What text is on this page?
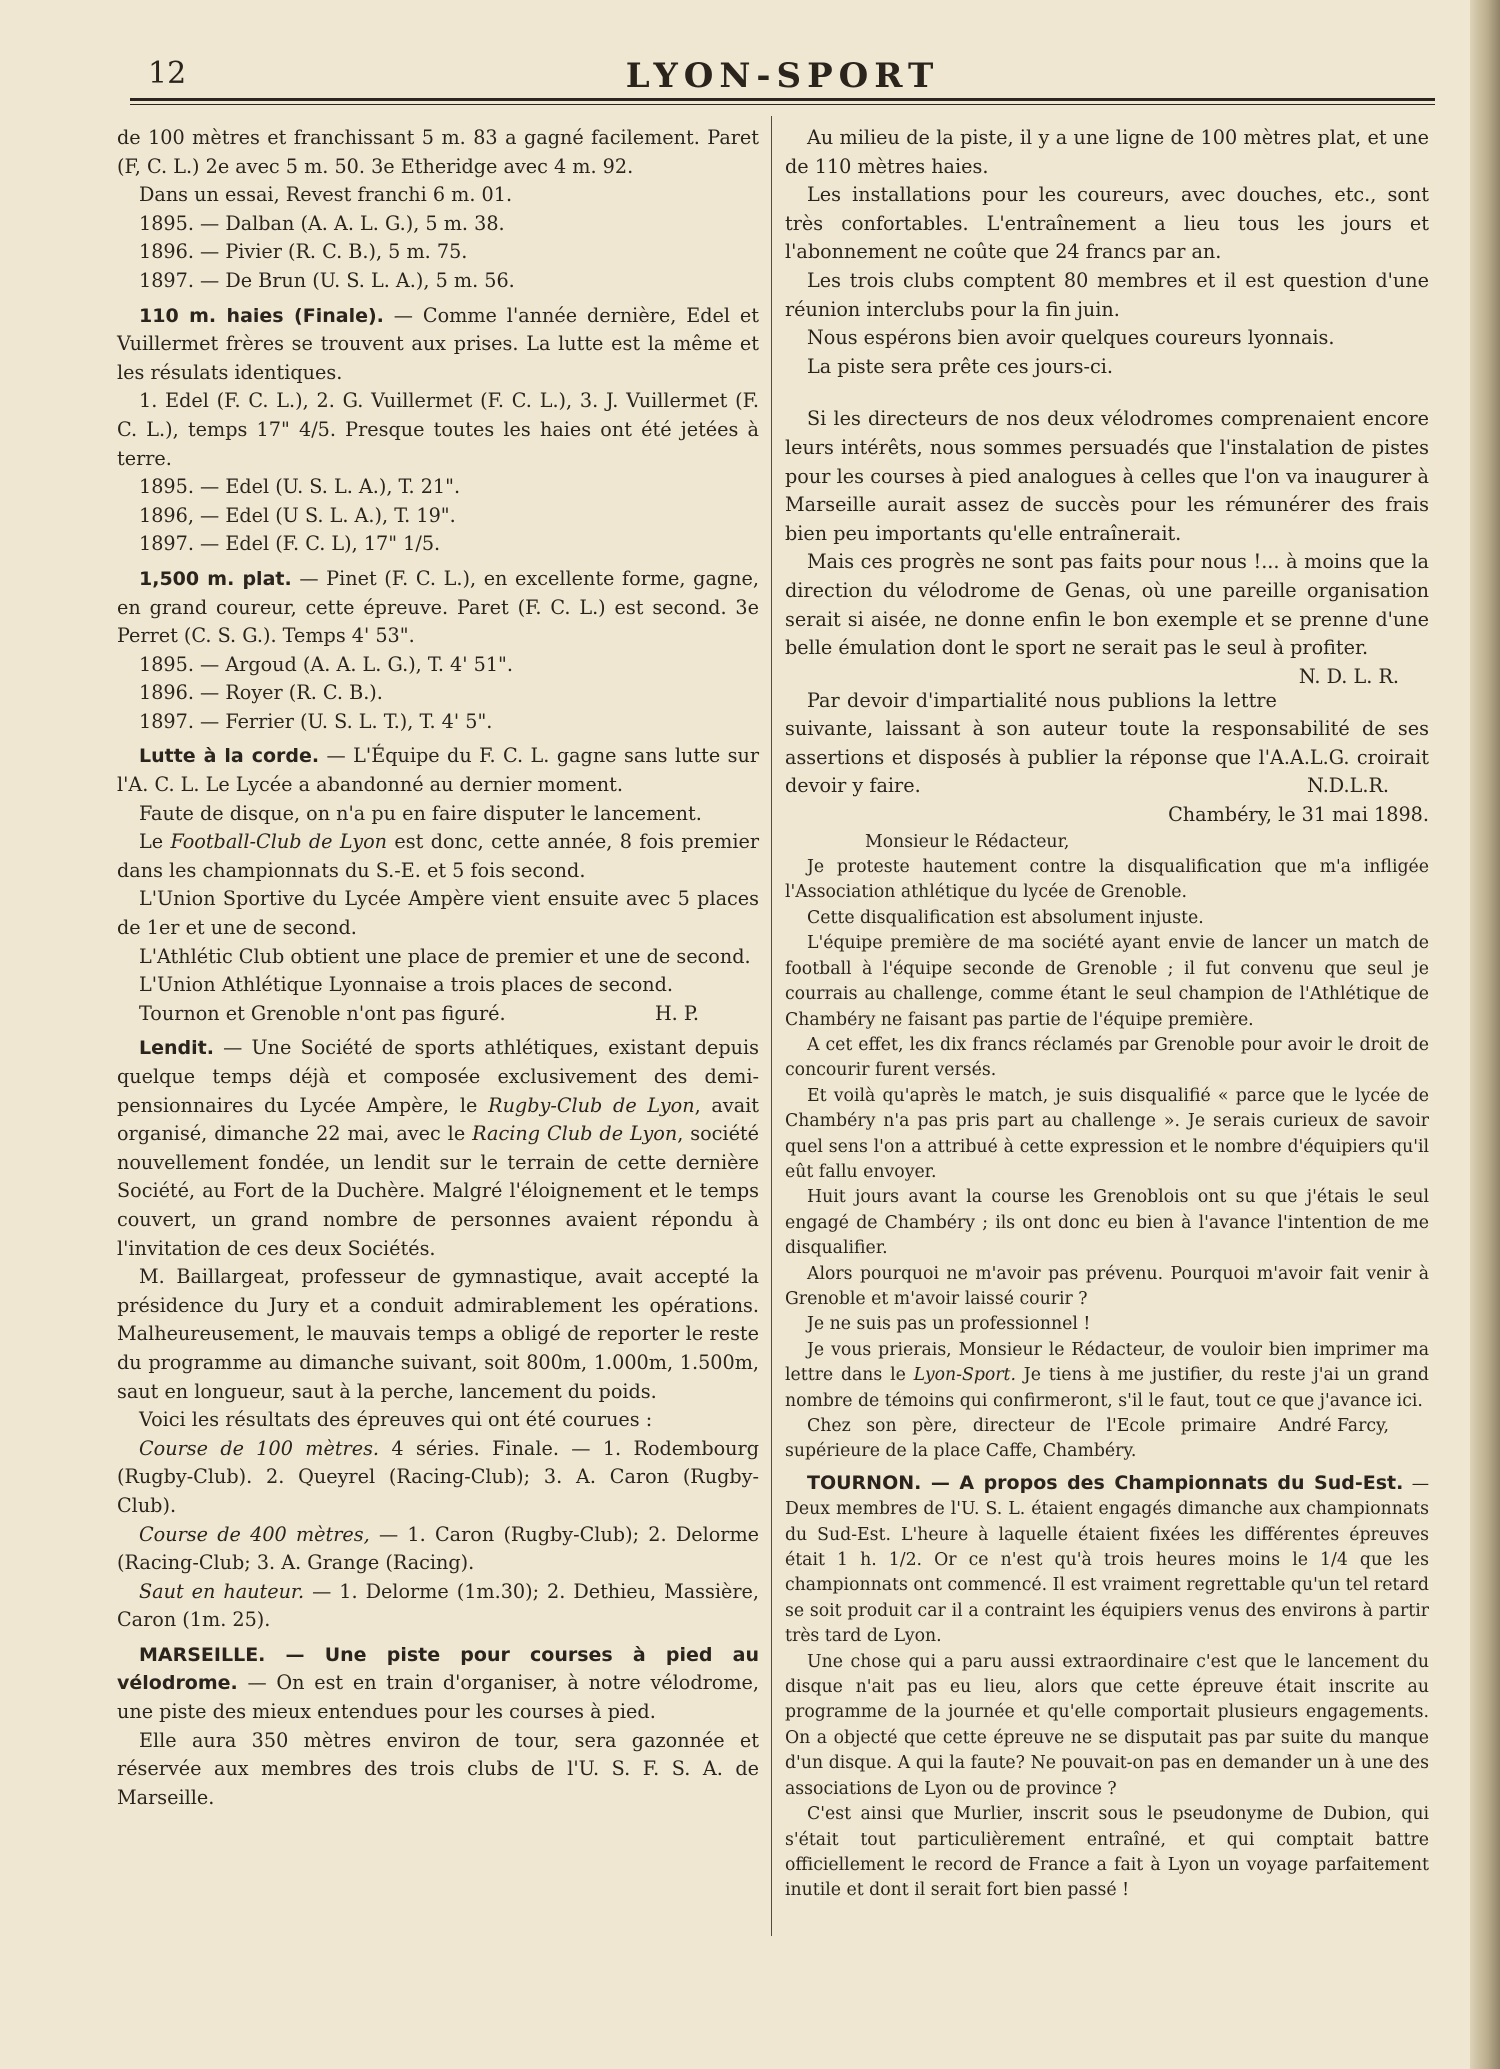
12	LYON-SPORT

de 100 mètres et franchissant 5 m. 83 a gagné facilement. Paret (F, C. L.) 2e avec 5 m. 50. 3e Etheridge avec 4 m. 92.

Dans un essai, Revest franchi 6 m. 01.

1895. — Dalban (A. A. L. G.), 5 m. 38.
1896. — Pivier (R. C. B.), 5 m. 75.
1897. — De Brun (U. S. L. A.), 5 m. 56.

110 m. haies (Finale). — Comme l'année dernière, Edel et Vuillermet frères se trouvent aux prises. La lutte est la même et les résulats identiques.

1. Edel (F. C. L.), 2. G. Vuillermet (F. C. L.), 3. J. Vuillermet (F. C. L.), temps 17" 4/5. Presque toutes les haies ont été jetées à terre.

1895. — Edel (U. S. L. A.), T. 21".
1896, — Edel (U S. L. A.), T. 19".
1897. — Edel (F. C. L), 17" 1/5.

1,500 m. plat. — Pinet (F. C. L.), en excellente forme, gagne, en grand coureur, cette épreuve. Paret (F. C. L.) est second. 3e Perret (C. S. G.). Temps 4' 53".

1895. — Argoud (A. A. L. G.), T. 4' 51".
1896. — Royer (R. C. B.).
1897. — Ferrier (U. S. L. T.), T. 4' 5".

Lutte à la corde. — L'Équipe du F. C. L. gagne sans lutte sur l'A. C. L. Le Lycée a abandonné au dernier moment.

Faute de disque, on n'a pu en faire disputer le lancement.

Le Football-Club de Lyon est donc, cette année, 8 fois premier dans les championnats du S.-E. et 5 fois second.

L'Union Sportive du Lycée Ampère vient ensuite avec 5 places de 1er et une de second.

L'Athlétic Club obtient une place de premier et une de second.

L'Union Athlétique Lyonnaise a trois places de second.

Tournon et Grenoble n'ont pas figuré.	H. P.

Lendit. — Une Société de sports athlétiques, existant depuis quelque temps déjà et composée exclusivement des demi-pensionnaires du Lycée Ampère, le Rugby-Club de Lyon, avait organisé, dimanche 22 mai, avec le Racing Club de Lyon, société nouvellement fondée, un lendit sur le terrain de cette dernière Société, au Fort de la Duchère. Malgré l'éloignement et le temps couvert, un grand nombre de personnes avaient répondu à l'invitation de ces deux Sociétés.

M. Baillargeat, professeur de gymnastique, avait accepté la présidence du Jury et a conduit admirablement les opérations. Malheureusement, le mauvais temps a obligé de reporter le reste du programme au dimanche suivant, soit 800m, 1.000m, 1.500m, saut en longueur, saut à la perche, lancement du poids.

Voici les résultats des épreuves qui ont été courues :

Course de 100 mètres. 4 séries. Finale. — 1. Rodembourg (Rugby-Club). 2. Queyrel (Racing-Club); 3. A. Caron (Rugby-Club).

Course de 400 mètres, — 1. Caron (Rugby-Club); 2. Delorme (Racing-Club; 3. A. Grange (Racing).

Saut en hauteur. — 1. Delorme (1m.30); 2. Dethieu, Massière, Caron (1m. 25).

MARSEILLE. — Une piste pour courses à pied au vélodrome. — On est en train d'organiser, à notre vélodrome, une piste des mieux entendues pour les courses à pied.

Elle aura 350 mètres environ de tour, sera gazonnée et réservée aux membres des trois clubs de l'U. S. F. S. A. de Marseille.

Au milieu de la piste, il y a une ligne de 100 mètres plat, et une de 110 mètres haies.

Les installations pour les coureurs, avec douches, etc., sont très confortables. L'entraînement a lieu tous les jours et l'abonnement ne coûte que 24 francs par an.

Les trois clubs comptent 80 membres et il est question d'une réunion interclubs pour la fin juin.

Nous espérons bien avoir quelques coureurs lyonnais.

La piste sera prête ces jours-ci.

Si les directeurs de nos deux vélodromes comprenaient encore leurs intérêts, nous sommes persuadés que l'instalation de pistes pour les courses à pied analogues à celles que l'on va inaugurer à Marseille aurait assez de succès pour les rémunérer des frais bien peu importants qu'elle entraînerait.

Mais ces progrès ne sont pas faits pour nous !... à moins que la direction du vélodrome de Genas, où une pareille organisation serait si aisée, ne donne enfin le bon exemple et se prenne d'une belle émulation dont le sport ne serait pas le seul à profiter.
N. D. L. R.

Par devoir d'impartialité nous publions la lettre suivante, laissant à son auteur toute la responsabilité de ses assertions et disposés à publier la réponse que l'A.A.L.G. croirait devoir y faire.	N.D.L.R.

Chambéry, le 31 mai 1898.

Monsieur le Rédacteur,

Je proteste hautement contre la disqualification que m'a infligée l'Association athlétique du lycée de Grenoble.

Cette disqualification est absolument injuste.

L'équipe première de ma société ayant envie de lancer un match de football à l'équipe seconde de Grenoble ; il fut convenu que seul je courrais au challenge, comme étant le seul champion de l'Athlétique de Chambéry ne faisant pas partie de l'équipe première.

A cet effet, les dix francs réclamés par Grenoble pour avoir le droit de concourir furent versés.

Et voilà qu'après le match, je suis disqualifié « parce que le lycée de Chambéry n'a pas pris part au challenge ». Je serais curieux de savoir quel sens l'on a attribué à cette expression et le nombre d'équipiers qu'il eût fallu envoyer.

Huit jours avant la course les Grenoblois ont su que j'étais le seul engagé de Chambéry ; ils ont donc eu bien à l'avance l'intention de me disqualifier.

Alors pourquoi ne m'avoir pas prévenu. Pourquoi m'avoir fait venir à Grenoble et m'avoir laissé courir ?

Je ne suis pas un professionnel !

Je vous prierais, Monsieur le Rédacteur, de vouloir bien imprimer ma lettre dans le Lyon-Sport. Je tiens à me justifier, du reste j'ai un grand nombre de témoins qui confirmeront, s'il le faut, tout ce que j'avance ici.
André Farcy,

Chez son père, directeur de l'Ecole primaire supérieure de la place Caffe, Chambéry.

TOURNON. — A propos des Championnats du Sud-Est. — Deux membres de l'U. S. L. étaient engagés dimanche aux championnats du Sud-Est. L'heure à laquelle étaient fixées les différentes épreuves était 1 h. 1/2. Or ce n'est qu'à trois heures moins le 1/4 que les championnats ont commencé. Il est vraiment regrettable qu'un tel retard se soit produit car il a contraint les équipiers venus des environs à partir très tard de Lyon.

Une chose qui a paru aussi extraordinaire c'est que le lancement du disque n'ait pas eu lieu, alors que cette épreuve était inscrite au programme de la journée et qu'elle comportait plusieurs engagements. On a objecté que cette épreuve ne se disputait pas par suite du manque d'un disque. A qui la faute? Ne pouvait-on pas en demander un à une des associations de Lyon ou de province ?

C'est ainsi que Murlier, inscrit sous le pseudonyme de Dubion, qui s'était tout particulièrement entraîné, et qui comptait battre officiellement le record de France a fait à Lyon un voyage parfaitement inutile et dont il serait fort bien passé !
